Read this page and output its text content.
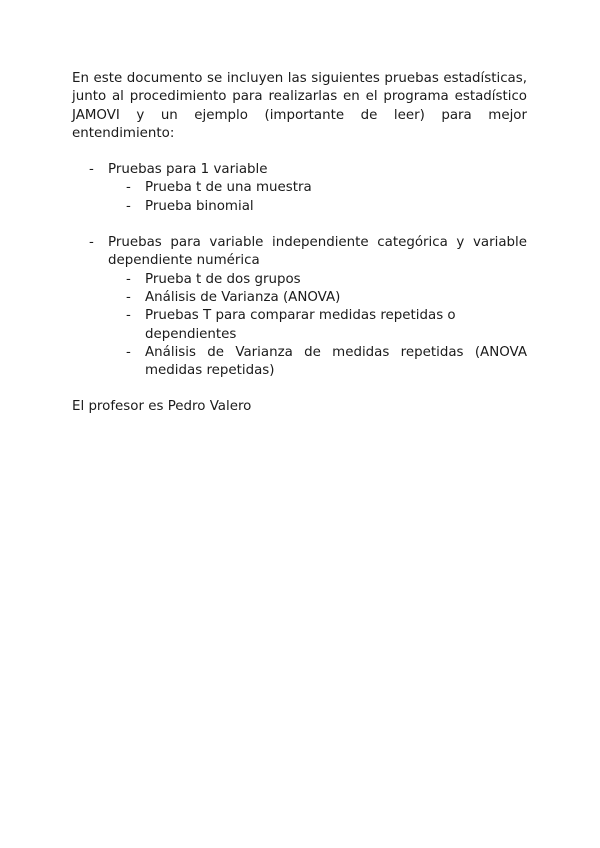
En este documento se incluyen las siguientes pruebas estadísticas, junto al procedimiento para realizarlas en el programa estadístico JAMOVI y un ejemplo (importante de leer) para mejor entendimiento:

- Pruebas para 1 variable
- Prueba t de una muestra
- Prueba binomial
- Pruebas para variable independiente categórica y variable dependiente numérica
- Prueba t de dos grupos
- Análisis de Varianza (ANOVA)
- Pruebas T para comparar medidas repetidas o dependientes
- Análisis de Varianza de medidas repetidas (ANOVA medidas repetidas)

El profesor es Pedro Valero
